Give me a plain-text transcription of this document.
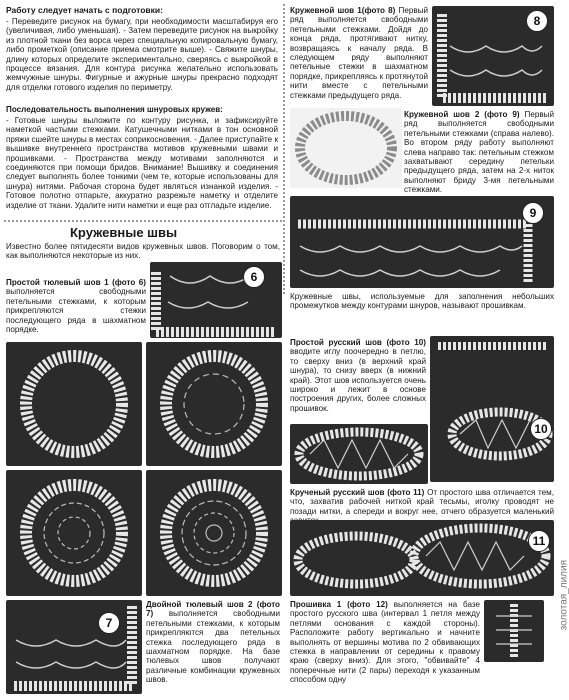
Работу следует начать с подготовки:
- Переведите рисунок на бумагу, при необходимости масштабируя его (увеличивая, либо уменьшая). - Затем переведите рисунок на выкройку из плотной ткани без ворса через специальную копировальную бумагу, либо прометкой (описание приема смотрите выше). - Свяжите шнуры, длину которых определите экспериментально, сверяясь с выкройкой в процессе вязания. Для контура рисунка желательно использовать жемчужные шнуры. Фигурные и ажурные шнуры прекрасно подходят для отделки готового изделия по периметру.
Последовательность выполнения шнуровых кружев:
- Готовые шнуры выложите по контуру рисунка, и зафиксируйте наметкой частыми стежками. Катушечными нитками в тон основной пряжи сшейте шнуры в местах соприкосновения. - Далее приступайте к вышивке внутреннего пространства мотивов кружевными швами и прошивками. - Пространства между мотивами заполняются и соединяются при помощи бридов. Внимание! Вышивку и соединения следует выполнять более тонкими (чем те, которые использованы для шнура) нитями. Рабочая сторона будет являться изнанкой изделия. - Готовое полотно отпарьте, аккуратно разрежьте наметку и отделите изделие от ткани. Удалите нити наметки и еще раз отгладьте изделие.
Кружевные швы
Известно более пятидесяти видов кружевных швов. Поговорим о том, как выполняются некоторые из них.
Простой тюлевый шов 1 (фото 6) выполняется свободными петельными стежками, к которым прикрепляются стежки последующего ряда в шахматном порядке.
6
7
Двойной тюлевый шов 2 (фото 7) выполняется свободными петельными стежками, к которым прикрепляются два петельных стежка последующего ряда в шахматном порядке. На базе тюлевых швов получают различные комбинации кружевных швов.
Кружевной шов 1(фото 8) Первый ряд выполняется свободными петельными стежками. Дойдя до конца ряда, протягивают нитку, возвращаясь к началу ряда. В следующем ряду выполняют петельные стежки в шахматном порядке, прикрепляясь к протянутой нити вместе с петельными стежками предыдущего ряда.
8
Кружевной шов 2 (фото 9) Первый ряд выполняется свободными петельными стежками (справа налево). Во втором ряду работу выполняют слева направо так: петельным стежком захватывают середину петельки предыдущего ряда, затем на 2-х ниток выполняют бриду 3-мя петельными стежками.
9
Кружевные швы, используемые для заполнения небольших промежутков между контурами шнуров, называют прошивкам.
Простой русский шов (фото 10) вводите иглу поочередно в петлю, то сверху вниз (в верхний край шнура), то снизу вверх (в нижний край). Этот шов используется очень широко и лежит в основе построения других, более сложных прошивок.
10
Крученый русский шов (фото 11) От простого шва отличается тем, что, захватив рабочей ниткой край тесьмы, иголку проводят не позади нитки, а спереди и вокруг нее, отчего образуется маленький
11
Прошивка 1 (фото 12) выполняется на базе простого русского шва (интервал 1 петля между петлями основания с каждой стороны). Расположите работу вертикально и начните выполнять от вершины мотива по 2 обвивающих стежка в направлении от середины к правому краю (сверху вниз). Для этого, "обвивайте" 4 поперечные нити (2 пары) переходя к указанным способом одну
золотая_лилия
